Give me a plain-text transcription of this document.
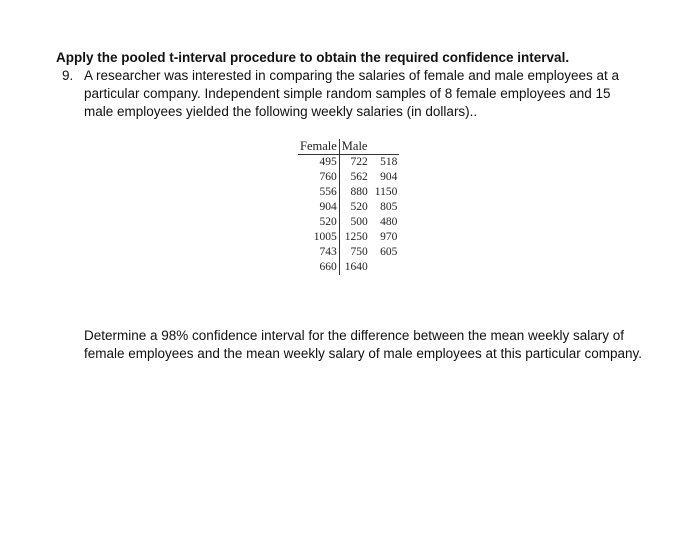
Apply the pooled t-interval procedure to obtain the required confidence interval.
9. A researcher was interested in comparing the salaries of female and male employees at a particular company. Independent simple random samples of 8 female employees and 15 male employees yielded the following weekly salaries (in dollars)..
Female	Male	
495	722	518
760	562	904
556	880	1150
904	520	805
520	500	480
1005	1250	970
743	750	605
660	1640	
Determine a 98% confidence interval for the difference between the mean weekly salary of female employees and the mean weekly salary of male employees at this particular company.
